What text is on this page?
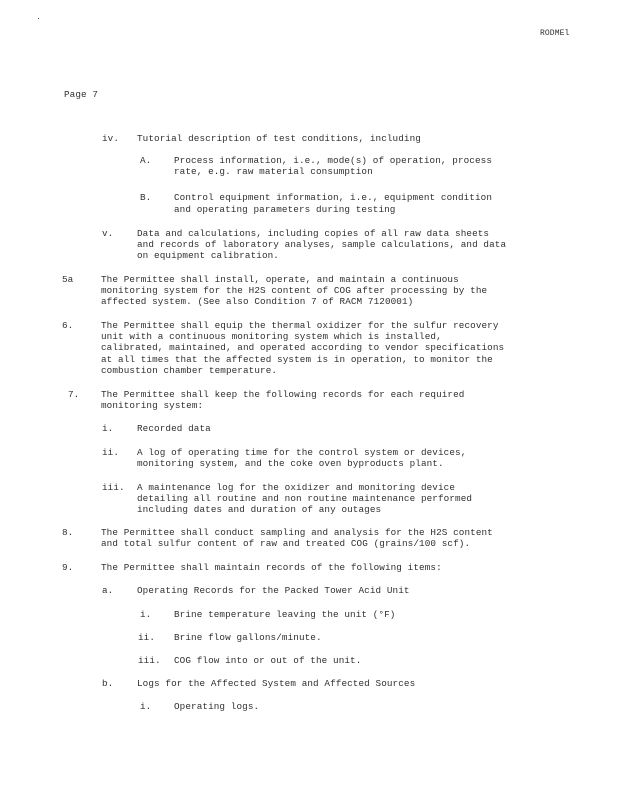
RODMEl
Page 7
iv. Tutorial description of test conditions, including
A. Process information, i.e., mode(s) of operation, process
rate, e.g. raw material consumption
B. Control equipment information, i.e., equipment condition
and operating parameters during testing
v.	Data and calculations, including copies of all raw data sheets
and records of laboratory analyses, sample calculations, and data
on equipment calibration.
5a	The Permittee shall install, operate, and maintain a continuous
monitoring system for the H2S content of COG after processing by the
affected system. (See also Condition 7 of RACM 7120001)
6.	The Permittee shall equip the thermal oxidizer for the sulfur recovery
unit with a continuous monitoring system which is installed,
calibrated, maintained, and operated according to vendor specifications
at all times that the affected system is in operation, to monitor the
combustion chamber temperature.
7. The Permittee shall keep the following records for each required
monitoring system:
i.	Recorded data
ii. A log of operating time for the control system or devices,
monitoring system, and the coke oven byproducts plant.
iii. A maintenance log for the oxidizer and monitoring device
detailing all routine and non routine maintenance performed
including dates and duration of any outages
8.	The Permittee shall conduct sampling and analysis for the H2S content
and total sulfur content of raw and treated COG (grains/100 scf).
9.	The Permittee shall maintain records of the following items:
a.	Operating Records for the Packed Tower Acid Unit
i. Brine temperature leaving the unit (°F)
ii. Brine flow gallons/minute.
iii. COG flow into or out of the unit.
b.	Logs for the Affected System and Affected Sources
i. Operating logs.
